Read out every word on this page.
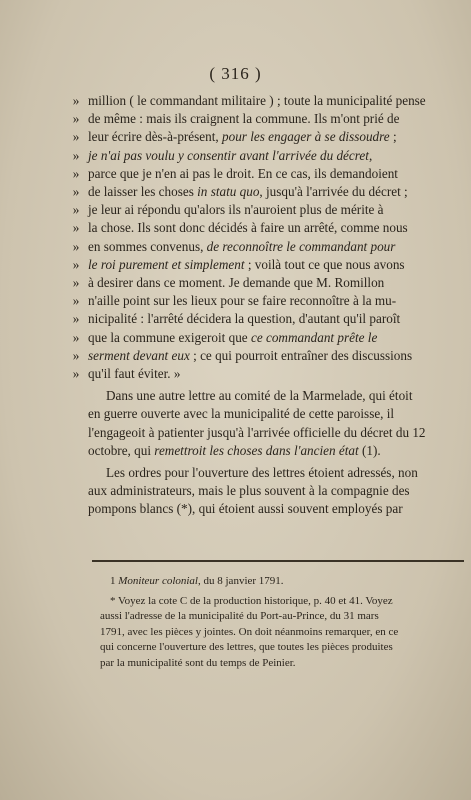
( 316 )
» million ( le commandant militaire ) ; toute la municipalité pense
» de même : mais ils craignent la commune. Ils m'ont prié de
» leur écrire dès-à-présent, pour les engager à se dissoudre ;
» je n'ai pas voulu y consentir avant l'arrivée du décret,
» parce que je n'en ai pas le droit. En ce cas, ils demandoient
» de laisser les choses in statu quo, jusqu'à l'arrivée du décret ;
» je leur ai répondu qu'alors ils n'auroient plus de mérite à
» la chose. Ils sont donc décidés à faire un arrêté, comme nous
» en sommes convenus, de reconnoître le commandant pour
» le roi purement et simplement ; voilà tout ce que nous avons
» à desirer dans ce moment. Je demande que M. Romillon
» n'aille point sur les lieux pour se faire reconnoître à la mu-
» nicipalité : l'arrêté décidera la question, d'autant qu'il paroît
» que la commune exigeroit que ce commandant prête le
» serment devant eux ; ce qui pourroit entraîner des discussions
» qu'il faut éviter. »
Dans une autre lettre au comité de la Marmelade, qui étoit
en guerre ouverte avec la municipalité de cette paroisse, il
l'engageoit à patienter jusqu'à l'arrivée officielle du décret du 12
octobre, qui remettroit les choses dans l'ancien état (1).
Les ordres pour l'ouverture des lettres étoient adressés, non
aux administrateurs, mais le plus souvent à la compagnie des
pompons blancs (*), qui étoient aussi souvent employés par
1 Moniteur colonial, du 8 janvier 1791.
* Voyez la cote C de la production historique, p. 40 et 41. Voyez
aussi l'adresse de la municipalité du Port-au-Prince, du 31 mars
1791, avec les pièces y jointes. On doit néanmoins remarquer, en ce
qui concerne l'ouverture des lettres, que toutes les pièces produites
par la municipalité sont du temps de Peinier.
